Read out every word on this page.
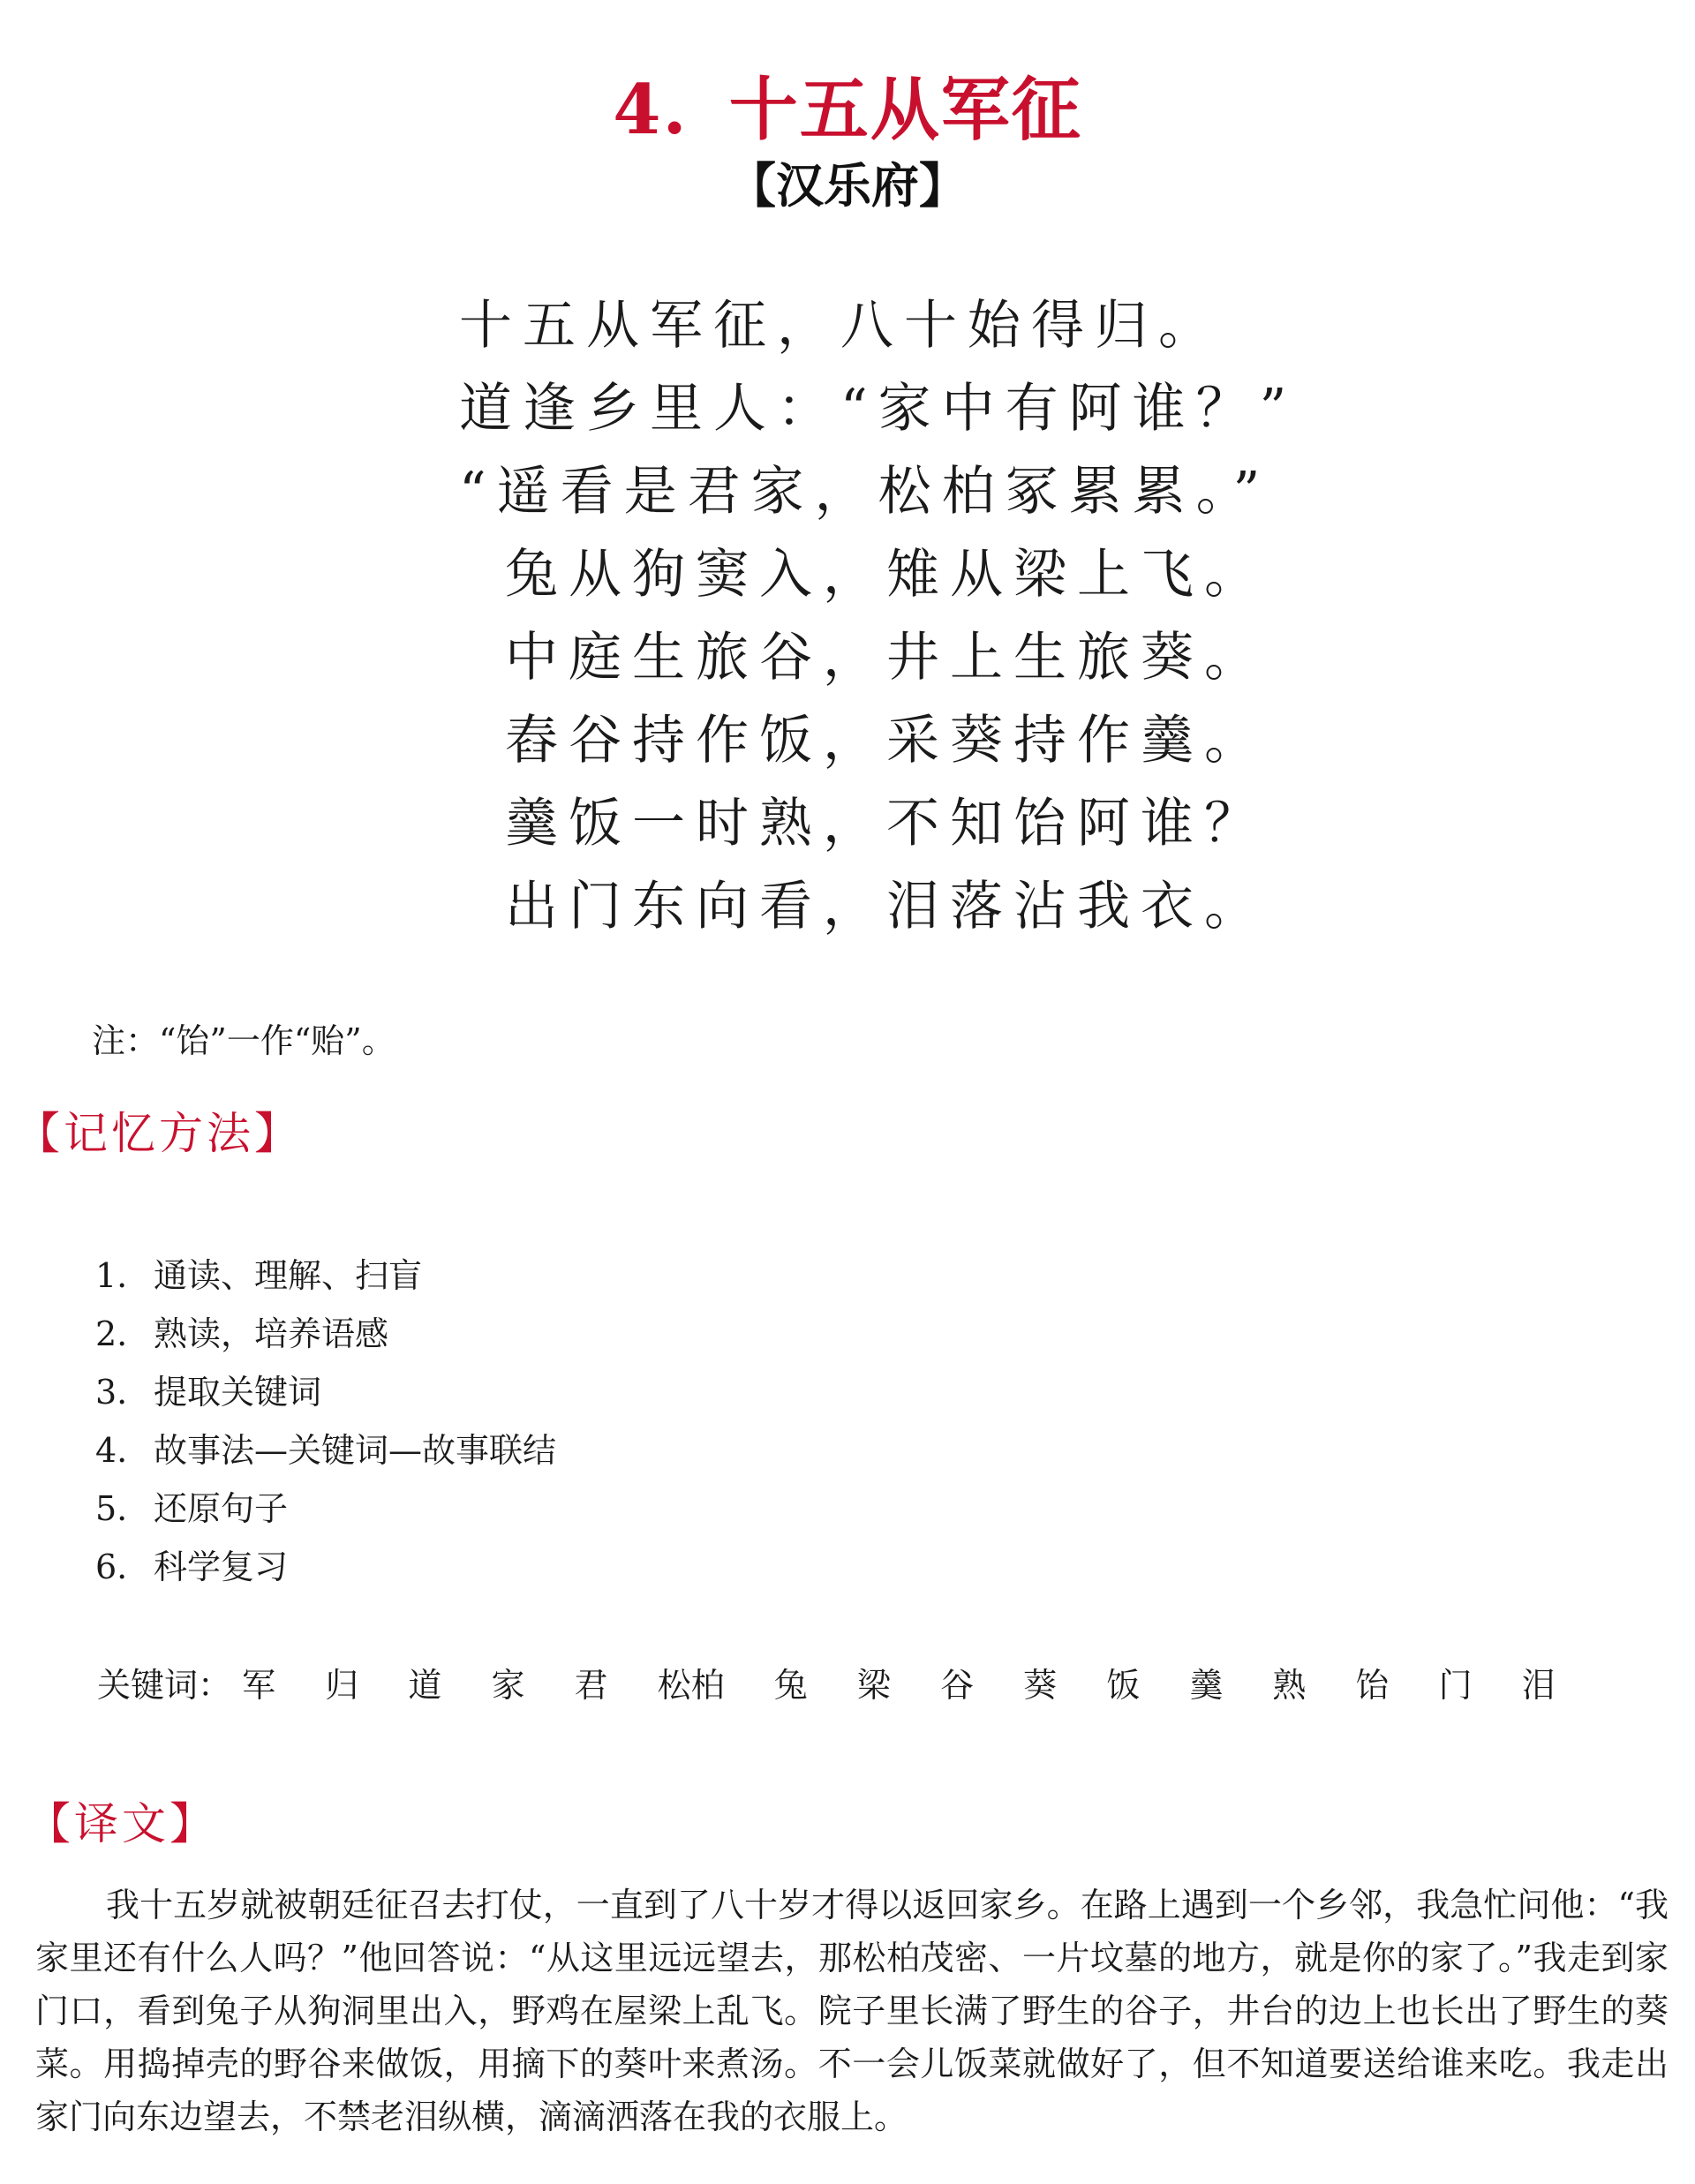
4. 十五从军征
【汉乐府】
十五从军征，八十始得归。
道逢乡里人：“家中有阿谁？”
“遥看是君家，松柏冢累累。”
兔从狗窦入，雉从梁上飞。
中庭生旅谷，井上生旅葵。
舂谷持作饭，采葵持作羹。
羹饭一时熟，不知饴阿谁？
出门东向看，泪落沾我衣。
注：“饴”一作“贻”。
【记忆方法】
1. 通读、理解、扫盲
2. 熟读，培养语感
3. 提取关键词
4. 故事法—关键词—故事联结
5. 还原句子
6. 科学复习
关键词： 军 归 道 家 君 松柏 兔 梁 谷 葵 饭 羹 熟 饴 门 泪
【译文】

我十五岁就被朝廷征召去打仗，一直到了八十岁才得以返回家乡。在路上遇到一个乡邻，我急忙问他：“我家里还有什么人吗？”他回答说：“从这里远远望去，那松柏茂密、一片坟墓的地方，就是你的家了。”我走到家门口，看到兔子从狗洞里出入，野鸡在屋梁上乱飞。院子里长满了野生的谷子，井台的边上也长出了野生的葵菜。用捣掉壳的野谷来做饭，用摘下的葵叶来煮汤。不一会儿饭菜就做好了，但不知道要送给谁来吃。我走出家门向东边望去，不禁老泪纵横，滴滴洒落在我的衣服上。
